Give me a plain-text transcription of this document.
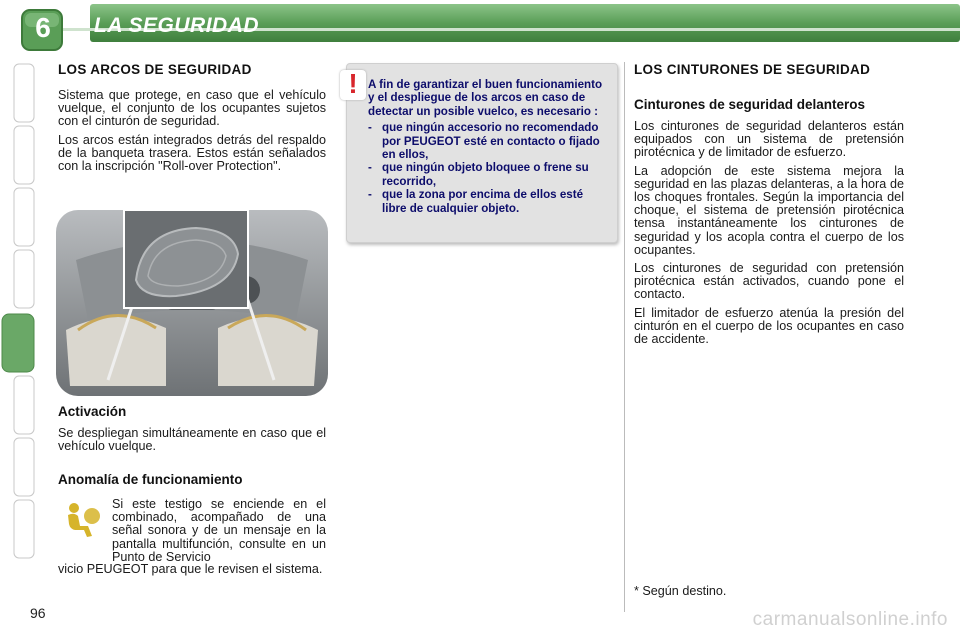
6	LA SEGURIDAD
LOS ARCOS DE SEGURIDAD

Sistema que protege, en caso que el vehículo vuelque, el conjunto de los ocupantes sujetos con el cinturón de seguridad.

Los arcos están integrados detrás del respaldo de la banqueta trasera. Estos están señalados con la inscripción "Roll-over Protection".

Activación

Se despliegan simultáneamente en caso que el vehículo vuelque.

Anomalía de funcionamiento

Si este testigo se enciende en el combinado, acompañado de una señal sonora y de un mensaje en la pantalla multifunción, consulte en un Punto de Servicio

vicio PEUGEOT para que le revisen el sistema.

! A fin de garantizar el buen funcionamiento y el despliegue de los arcos en caso de detectar un posible vuelco, es necesario :
- que ningún accesorio no recomendado por PEUGEOT esté en contacto o fijado en ellos,
- que ningún objeto bloquee o frene su recorrido,
- que la zona por encima de ellos esté libre de cualquier objeto.
LOS CINTURONES DE SEGURIDAD
Cinturones de seguridad delanteros

Los cinturones de seguridad delanteros están equipados con un sistema de pretensión pirotécnica y de limitador de esfuerzo.

La adopción de este sistema mejora la seguridad en las plazas delanteras, a la hora de los choques frontales. Según la importancia del choque, el sistema de pretensión pirotécnica tensa instantáneamente los cinturones de seguridad y los acopla contra el cuerpo de los ocupantes.

Los cinturones de seguridad con pretensión pirotécnica están activados, cuando pone el contacto.

El limitador de esfuerzo atenúa la presión del cinturón en el cuerpo de los ocupantes en caso de accidente.

* Según destino.
96	carmanualsonline.info
